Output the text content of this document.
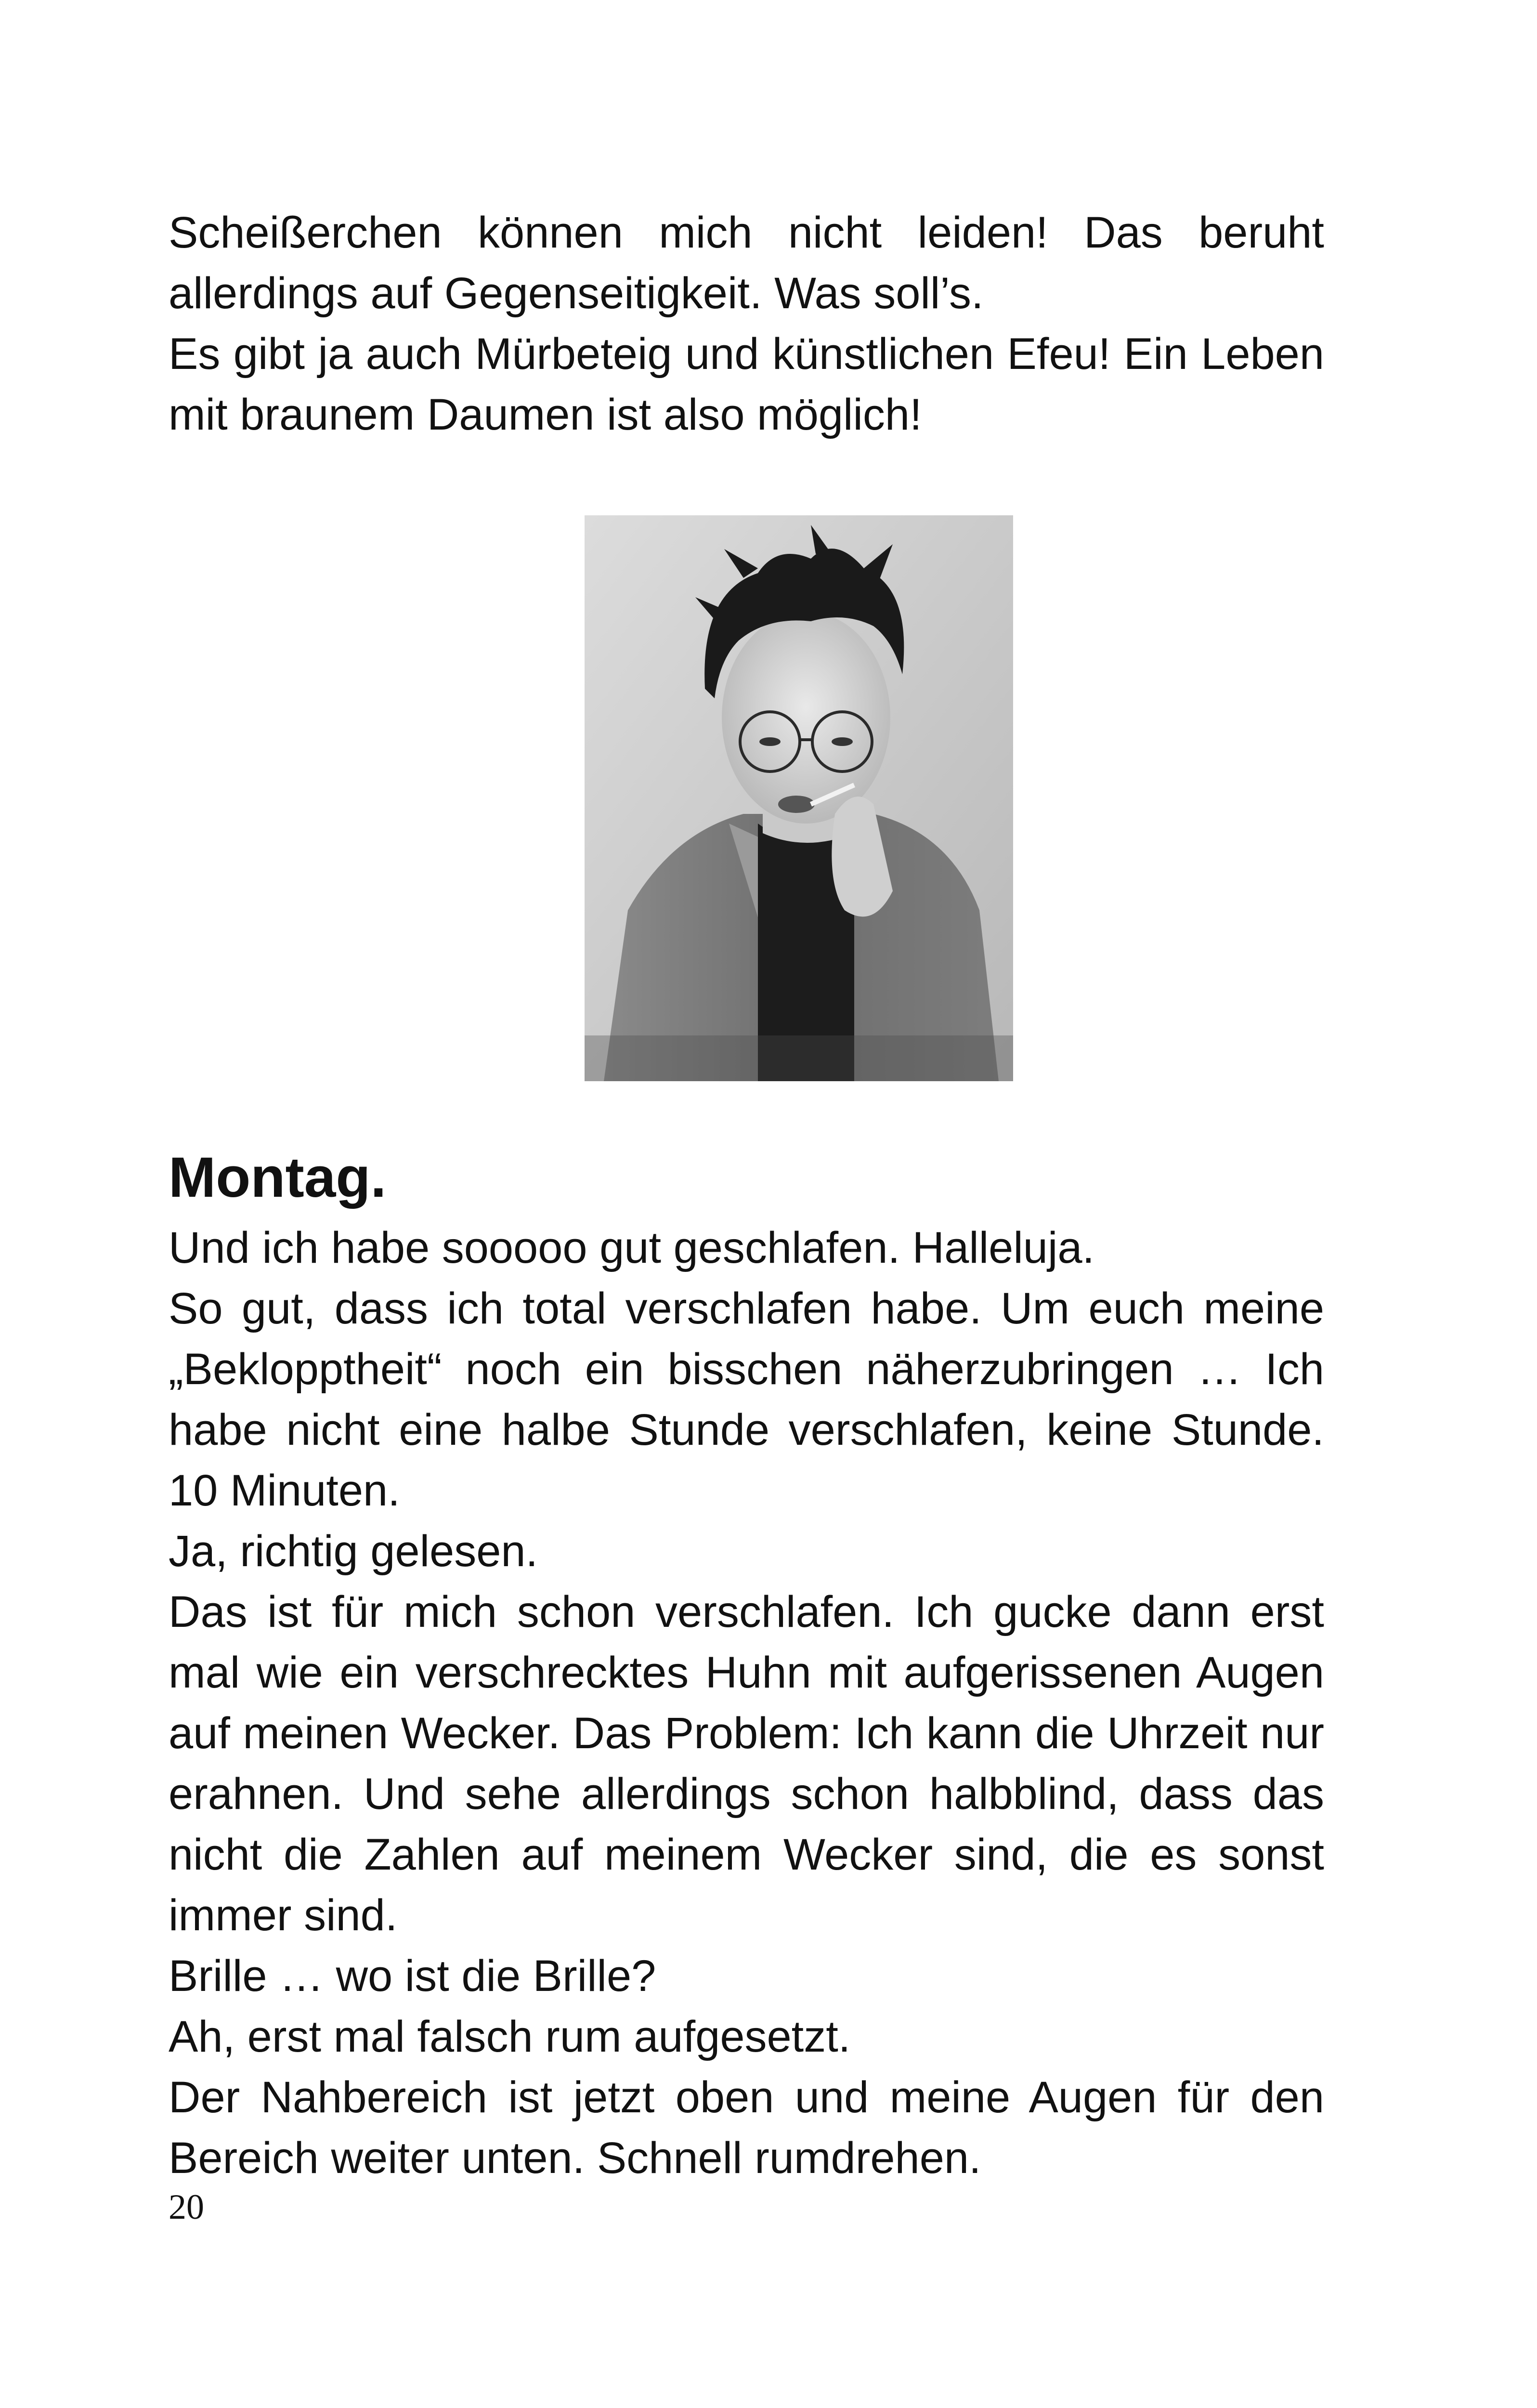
Scheißerchen können mich nicht leiden! Das beruht allerdings auf Gegenseitigkeit. Was soll’s.

Es gibt ja auch Mürbeteig und künstlichen Efeu! Ein Leben mit braunem Daumen ist also möglich!

Montag.

Und ich habe sooooo gut geschlafen. Halleluja.

So gut, dass ich total verschlafen habe. Um euch meine „Beklopptheit“ noch ein bisschen näherzubringen … Ich habe nicht eine halbe Stunde verschlafen, keine Stunde. 10 Minuten.

Ja, richtig gelesen.

Das ist für mich schon verschlafen. Ich gucke dann erst mal wie ein verschrecktes Huhn mit aufgerissenen Augen auf meinen Wecker. Das Problem: Ich kann die Uhrzeit nur erahnen. Und sehe allerdings schon halbblind, dass das nicht die Zahlen auf meinem Wecker sind, die es sonst immer sind.

Brille … wo ist die Brille?

Ah, erst mal falsch rum aufgesetzt.

Der Nahbereich ist jetzt oben und meine Augen für den Bereich weiter unten. Schnell rumdrehen.

20
